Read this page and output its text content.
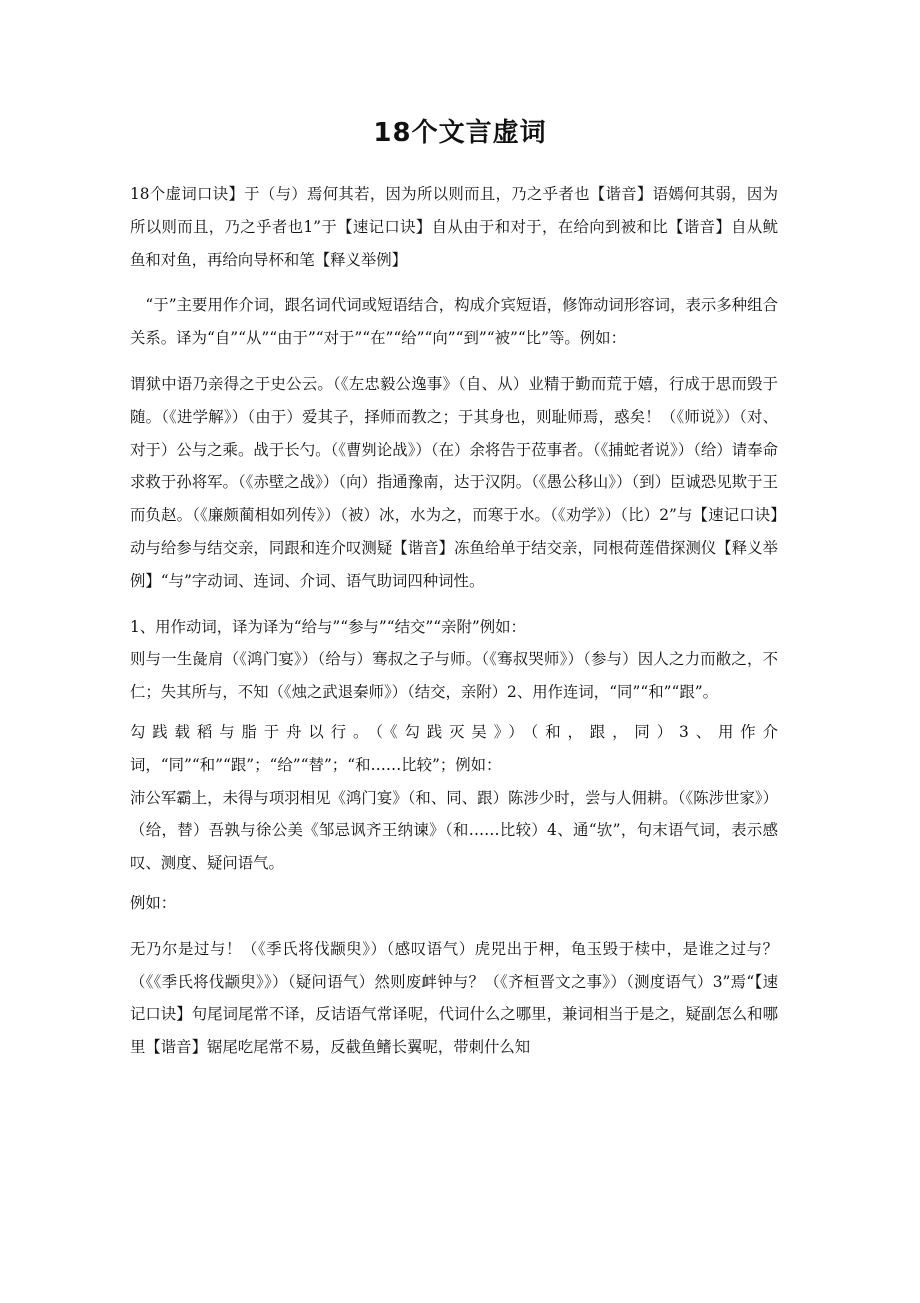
18个文言虚词

18个虚词口诀】于（与）焉何其若，因为所以则而且，乃之乎者也【谐音】语嫣何其弱，因为所以则而且，乃之乎者也1”于【速记口诀】自从由于和对于，在给向到被和比【谐音】自从鱿鱼和对鱼，再给向导杯和笔【释义举例】

　“于”主要用作介词，跟名词代词或短语结合，构成介宾短语，修饰动词形容词，表示多种组合关系。译为“自”“从”“由于”“对于”“在”“给”“向”“到”“被”“比”等。例如：

谓狱中语乃亲得之于史公云。（《左忠毅公逸事》（自、从）业精于勤而荒于嬉，行成于思而毁于随。（《进学解》）（由于）爱其子，择师而教之；于其身也，则耻师焉，惑矣！（《师说》）（对、对于）公与之乘。战于长勺。（《曹刿论战》）（在）余将告于莅事者。（《捕蛇者说》）（给）请奉命求救于孙将军。（《赤壁之战》）（向）指通豫南，达于汉阴。（《愚公移山》）（到）臣诚恐见欺于王而负赵。（《廉颇蔺相如列传》）（被）冰，水为之，而寒于水。（《劝学》）（比）2”与【速记口诀】动与给参与结交亲，同跟和连介叹测疑【谐音】冻鱼给单于结交亲，同根荷莲借探测仪【释义举例】“与”字动词、连词、介词、语气助词四种词性。

1、用作动词，译为译为“给与”“参与”“结交”“亲附”例如：

则与一生彘肩（《鸿门宴》）（给与）骞叔之子与师。（《骞叔哭师》）（参与）因人之力而敝之，不仁；失其所与，不知（《烛之武退秦师》）（结交，亲附）2、用作连词，“同”“和”“跟”。

勾践载稻与脂于舟以行。（《勾践灭吴》）（和，跟，同）3、用作介词，“同”“和”“跟”；“给”“替”；“和……比较”；例如：

沛公军霸上，未得与项羽相见《鸿门宴》（和、同、跟）陈涉少时，尝与人佣耕。（《陈涉世家》）（给，替）吾孰与徐公美《邹忌讽齐王纳谏》（和……比较）4、通“欤”，句末语气词，表示感叹、测度、疑问语气。

例如：

无乃尔是过与！（《季氏将伐颛臾》）（感叹语气）虎兕出于柙，龟玉毁于椟中，是谁之过与？（《《季氏将伐颛臾》》）（疑问语气）然则废衅钟与？（《齐桓晋文之事》）（测度语气）3”焉“【速记口诀】句尾词尾常不译，反诘语气常译呢，代词什么之哪里，兼词相当于是之，疑副怎么和哪里【谐音】锯尾吃尾常不易，反截鱼鳍长翼呢，带刺什么知
